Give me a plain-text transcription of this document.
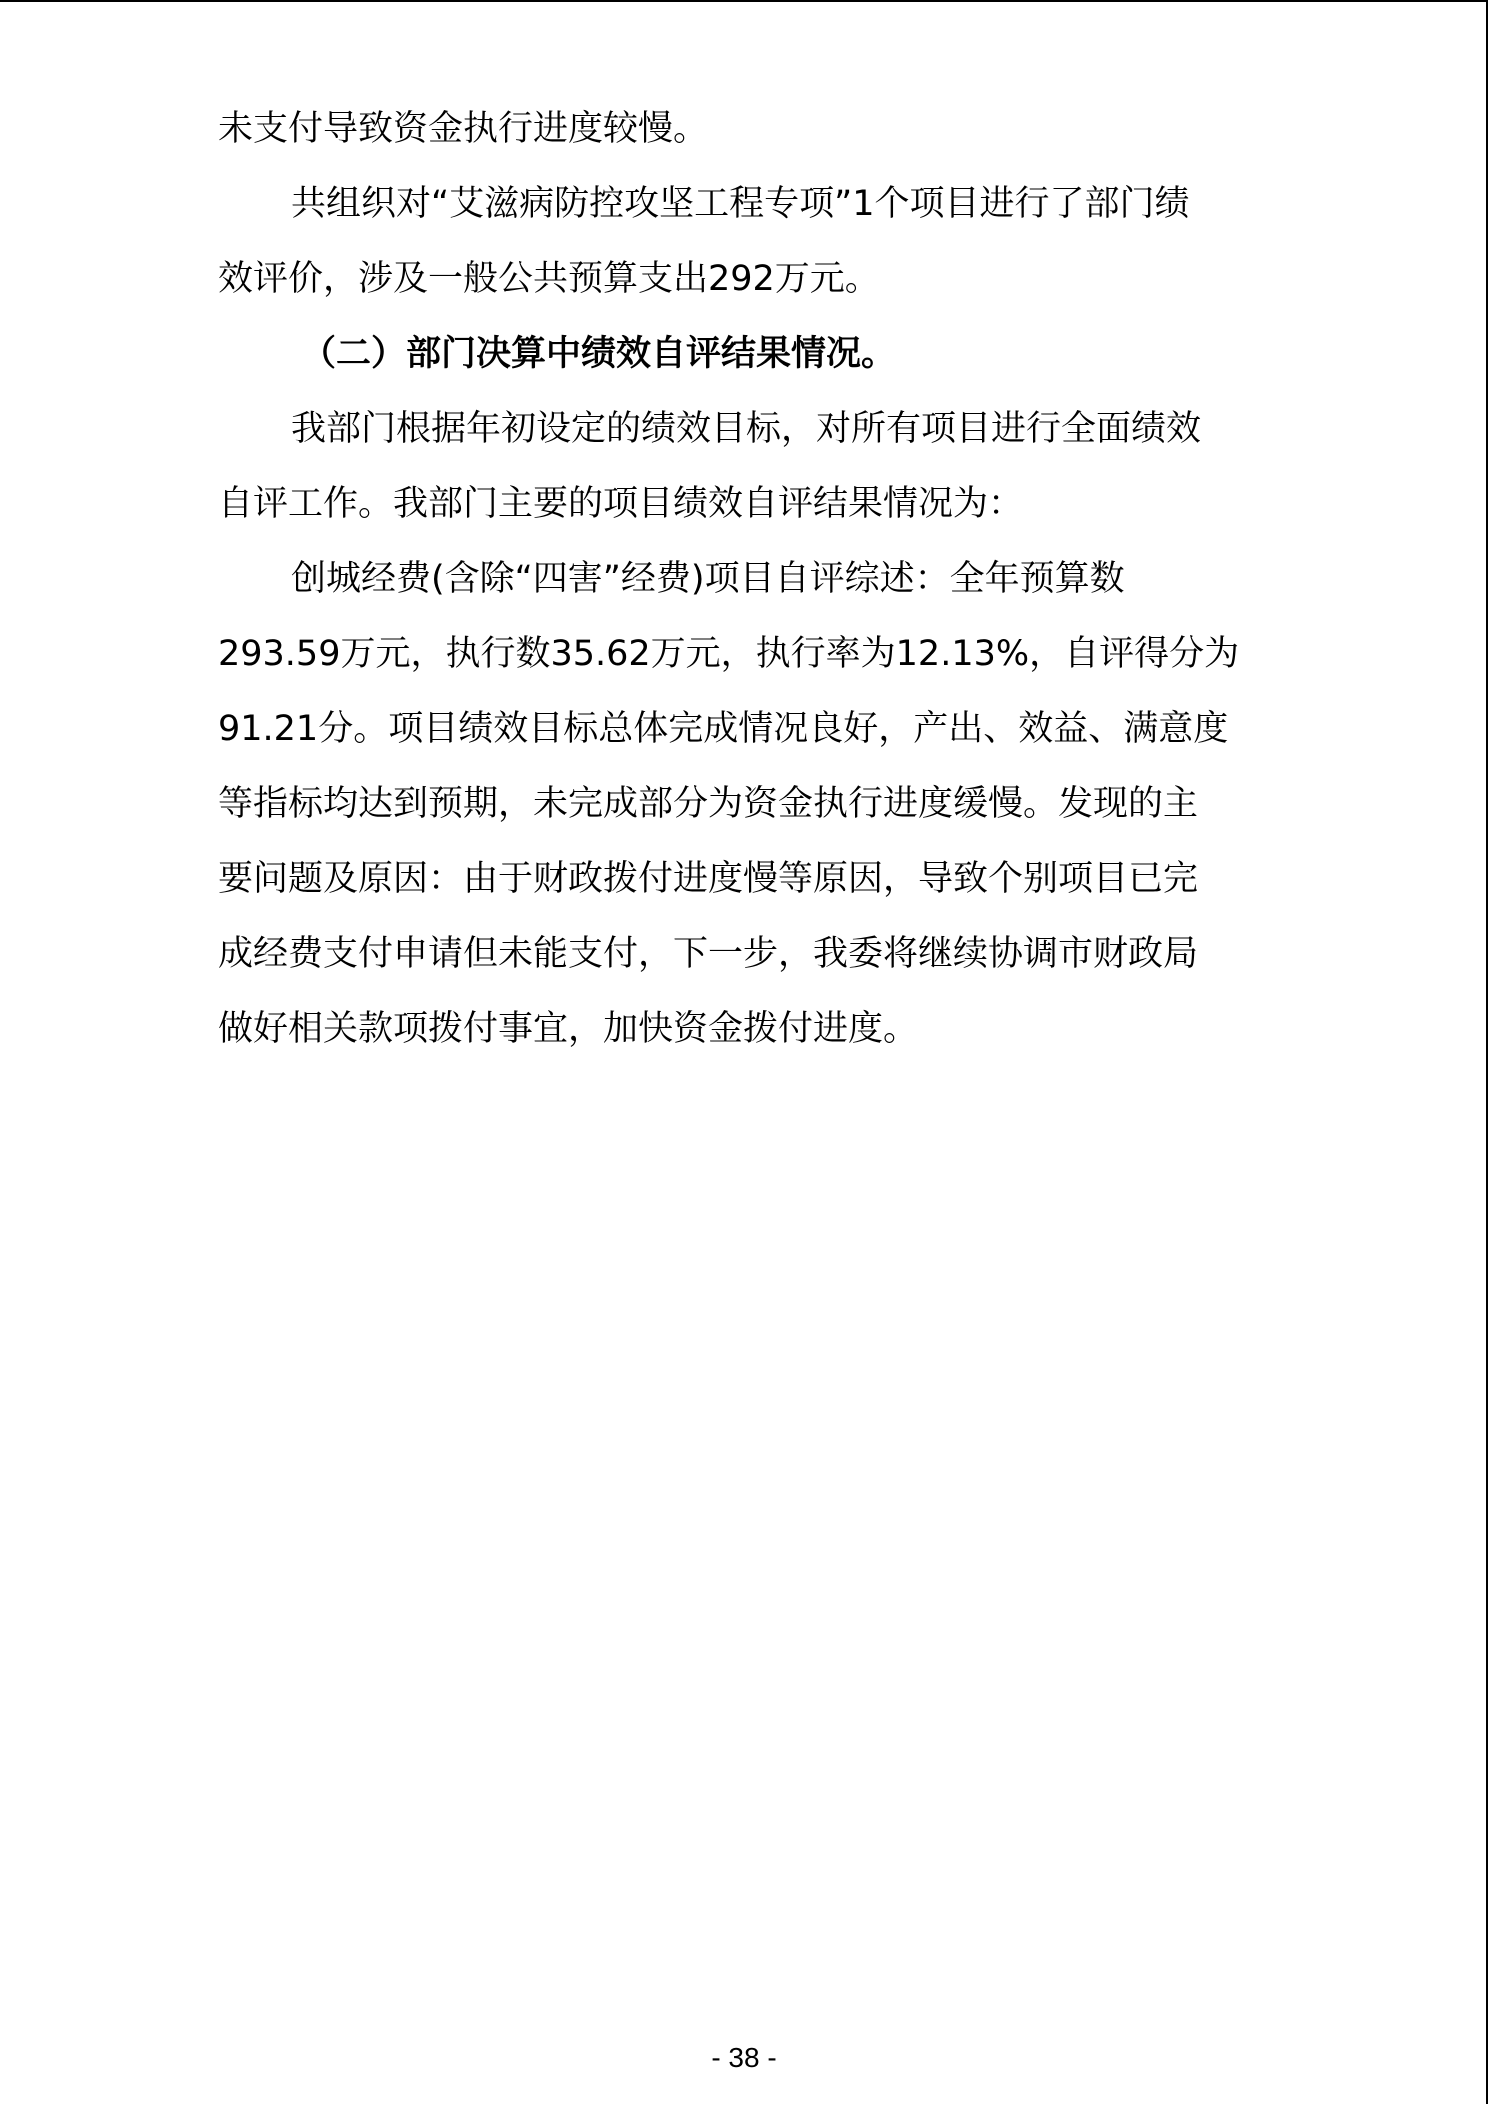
未支付导致资金执行进度较慢。
共组织对“艾滋病防控攻坚工程专项”1个项目进行了部门绩
效评价，涉及一般公共预算支出292万元。
（二）部门决算中绩效自评结果情况。
我部门根据年初设定的绩效目标，对所有项目进行全面绩效
自评工作。我部门主要的项目绩效自评结果情况为：
创城经费(含除“四害”经费)项目自评综述：全年预算数
293.59万元，执行数35.62万元，执行率为12.13%，自评得分为
91.21分。项目绩效目标总体完成情况良好，产出、效益、满意度
等指标均达到预期，未完成部分为资金执行进度缓慢。发现的主
要问题及原因：由于财政拨付进度慢等原因，导致个别项目已完
成经费支付申请但未能支付，下一步，我委将继续协调市财政局
做好相关款项拨付事宜，加快资金拨付进度。
- 38 -
